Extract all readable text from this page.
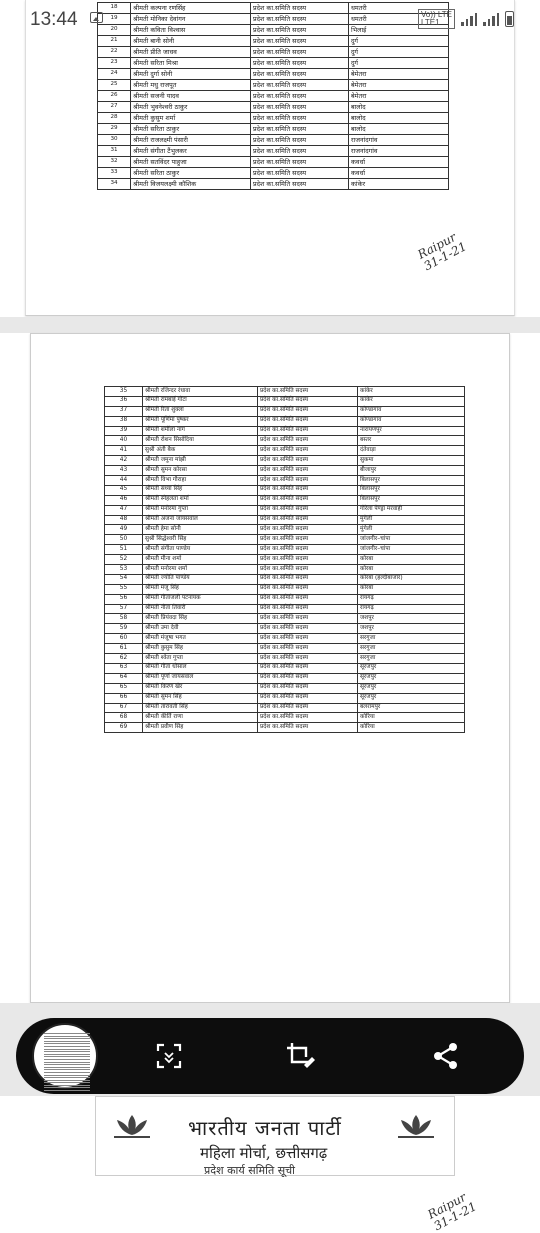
13:44	Vo)) LTE
LTE1
18	श्रीमती कल्पना रणसिंह	प्रदेश का.समिति सदस्य	धमतरी
19	श्रीमती मोनिका देवांगन	प्रदेश का.समिति सदस्य	धमतरी
20	श्रीमती कविता विश्वास	प्रदेश का.समिति सदस्य	भिलाई
21	श्रीमती बानी सोनी	प्रदेश का.समिति सदस्य	दुर्ग
22	श्रीमती प्रीति जाधव	प्रदेश का.समिति सदस्य	दुर्ग
23	श्रीमती सरिता मिश्रा	प्रदेश का.समिति सदस्य	दुर्ग
24	श्रीमती दुर्गा सोनी	प्रदेश का.समिति सदस्य	बेमेतरा
25	श्रीमती मधु राजपूत	प्रदेश का.समिति सदस्य	बेमेतरा
26	श्रीमती सजनी यादव	प्रदेश का.समिति सदस्य	बेमेतरा
27	श्रीमती भुवनेश्वरी ठाकुर	प्रदेश का.समिति सदस्य	बालोद
28	श्रीमती कुसुम शर्मा	प्रदेश का.समिति सदस्य	बालोद
29	श्रीमती सरिता ठाकुर	प्रदेश का.समिति सदस्य	बालोद
30	श्रीमती राजलक्ष्मी पंसारी	प्रदेश का.समिति सदस्य	राजनांदगांव
31	श्रीमती संगीता टैंभुलकर	प्रदेश का.समिति सदस्य	राजनांदगांव
32	श्रीमती सतविंदर पाहुजा	प्रदेश का.समिति सदस्य	कवर्धा
33	श्रीमती सरिता ठाकुर	प्रदेश का.समिति सदस्य	कवर्धा
34	श्रीमती विजयलक्ष्मी कौशिक	प्रदेश का.समिति सदस्य	कांकेर
Raipur
31-1-21
35	श्रीमती रजिन्दर रंधावा	प्रदेश का.समिति सदस्य	कांकेर
36	श्रीमती रामबाई गोंटा	प्रदेश का.समिति सदस्य	कांकेर
37	श्रीमती रिता शुक्ला	प्रदेश का.समिति सदस्य	कोण्डागांव
38	श्रीमती पूर्णिमा पुष्कर	प्रदेश का.समिति सदस्य	कोण्डागांव
39	श्रीमती शर्मीला नाग	प्रदेश का.समिति सदस्य	नारायणपुर
40	श्रीमती रोशन सिसोदिया	प्रदेश का.समिति सदस्य	बस्तर
41	सुश्री अंती बैक	प्रदेश का.समिति सदस्य	दंतेवाड़ा
42	श्रीमती जमुना मांझी	प्रदेश का.समिति सदस्य	सुकमा
43	श्रीमती सुमन कोरसा	प्रदेश का.समिति सदस्य	बीजापुर
44	श्रीमती विभा गौराहा	प्रदेश का.समिति सदस्य	बिलासपुर
45	श्रीमती संध्या सिंह	प्रदेश का.समिति सदस्य	बिलासपुर
46	श्रीमती स्नेहलता शर्मा	प्रदेश का.समिति सदस्य	बिलासपुर
47	श्रीमती मनोरमा गुप्ता	प्रदेश का.समिति सदस्य	गौरेला पेण्ड्रा मरवाही
48	श्रीमती अंजना जायसवाल	प्रदेश का.समिति सदस्य	मुंगेली
49	श्रीमती हेमा सोनी	प्रदेश का.समिति सदस्य	मुंगेली
50	सुश्री सिद्धेश्वरी सिंह	प्रदेश का.समिति सदस्य	जांजगीर–चांपा
51	श्रीमती संगीता पाण्डेय	प्रदेश का.समिति सदस्य	जांजगीर–चांपा
52	श्रीमती मीना शर्मा	प्रदेश का.समिति सदस्य	कोरबा
53	श्रीमती मनोरमा शर्मा	प्रदेश का.समिति सदस्य	कोरबा
54	श्रीमती ज्योति पाण्डेय	प्रदेश का.समिति सदस्य	कोरबा (हल्दीबाजार)
55	श्रीमती मंजू सिंह	प्रदेश का.समिति सदस्य	कोरबा
56	श्रीमती गीतांजली पटनायक	प्रदेश का.समिति सदस्य	रायगढ़
57	श्रीमती नीता तिवारी	प्रदेश का.समिति सदस्य	रायगढ़
58	श्रीमती प्रियंवदा सिंह	प्रदेश का.समिति सदस्य	जशपुर
59	श्रीमती उमा देवी	प्रदेश का.समिति सदस्य	जशपुर
60	श्रीमती मंजूषा भगत	प्रदेश का.समिति सदस्य	सरगुजा
61	श्रीमती कुसुम सिंह	प्रदेश का.समिति सदस्य	सरगुजा
62	श्रीमती श्वेता गुप्ता	प्रदेश का.समिति सदस्य	सरगुजा
63	श्रीमती गीता धोसाल	प्रदेश का.समिति सदस्य	सूरजपुर
64	श्रीमती पूर्णा जायसवाल	प्रदेश का.समिति सदस्य	सूरजपुर
65	श्रीमती किरण खेर	प्रदेश का.समिति सदस्य	सूरजपुर
66	श्रीमती सुमन सिंह	प्रदेश का.समिति सदस्य	सूरजपुर
67	श्रीमती तारावती सिंह	प्रदेश का.समिति सदस्य	बलरामपुर
68	श्रीमती कीर्ति राणा	प्रदेश का.समिति सदस्य	कोरिया
69	श्रीमती प्रवीण सिंह	प्रदेश का.समिति सदस्य	कोरिया
Raipur
31-1-21
भारतीय जनता पार्टी
महिला मोर्चा, छत्तीसगढ़
प्रदेश कार्य समिति सूची
